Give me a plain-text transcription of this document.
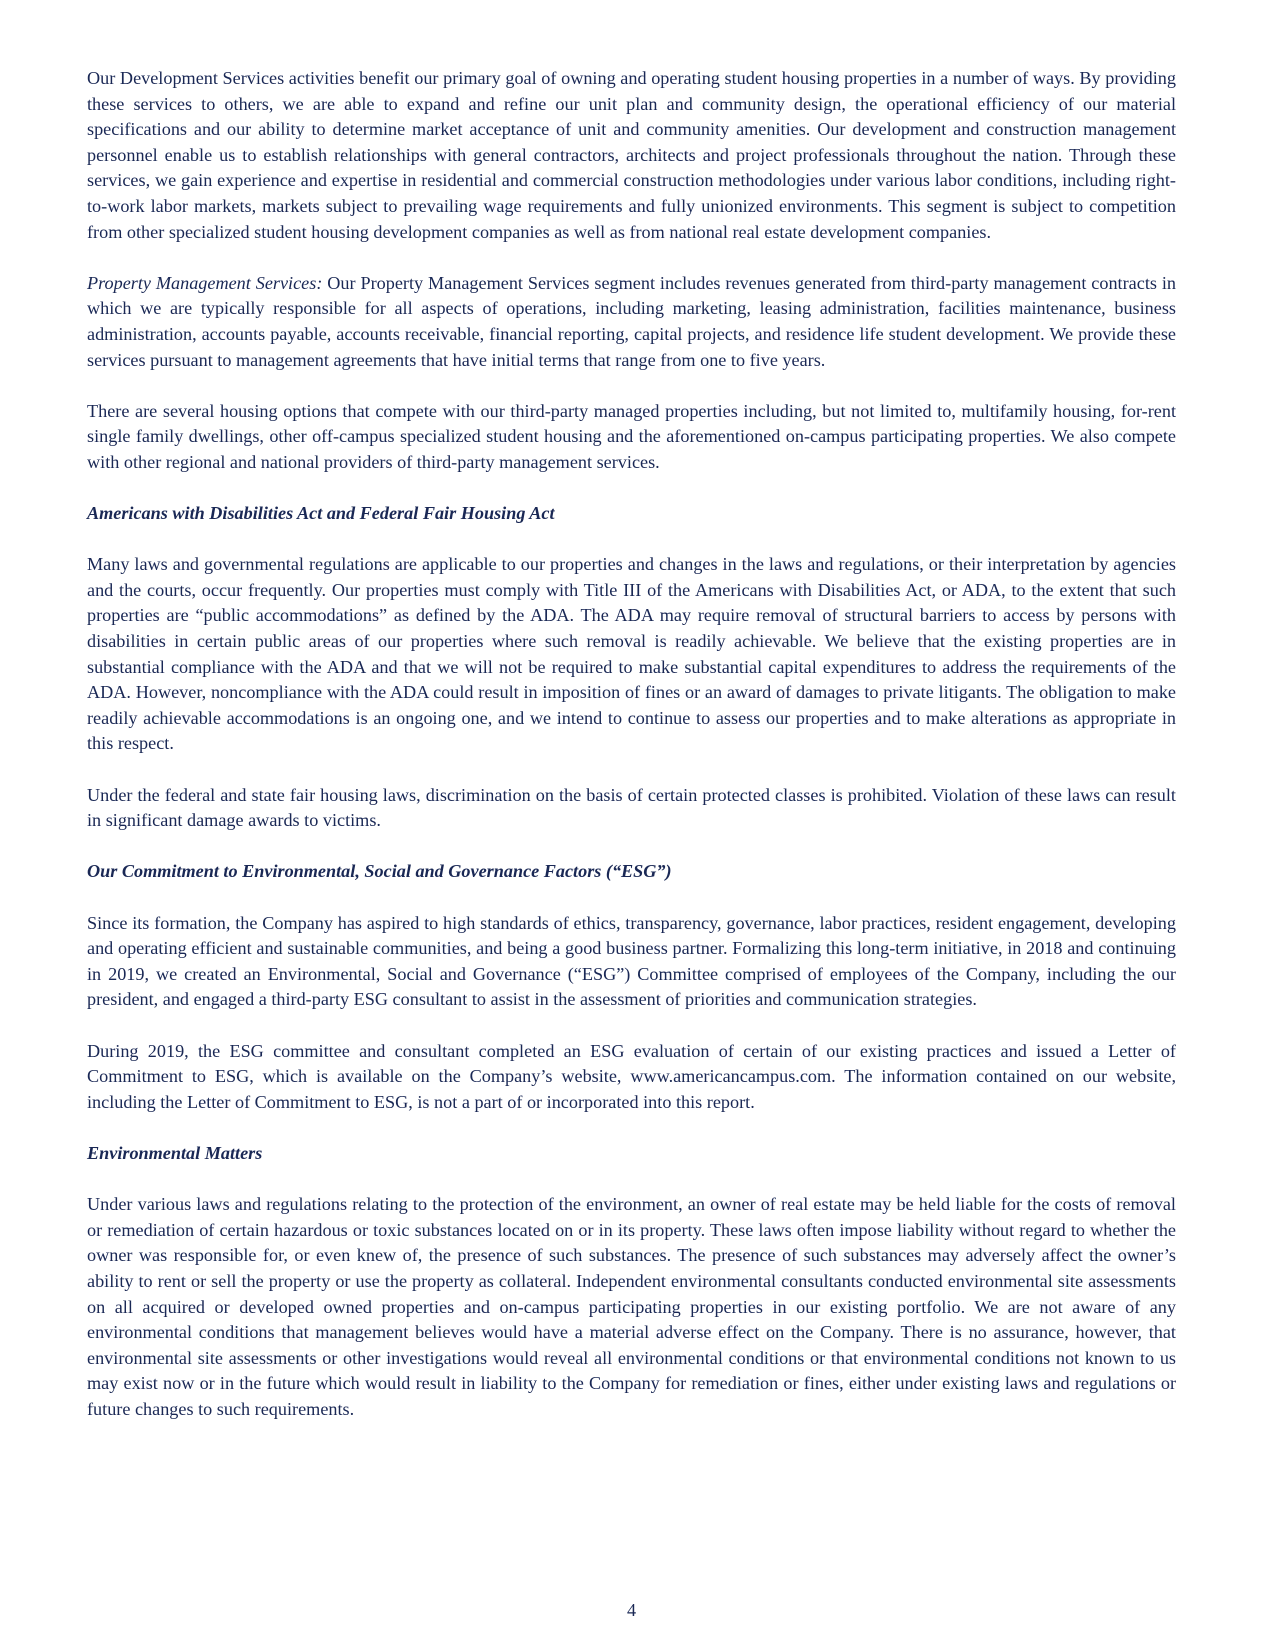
Our Development Services activities benefit our primary goal of owning and operating student housing properties in a number of ways. By providing these services to others, we are able to expand and refine our unit plan and community design, the operational efficiency of our material specifications and our ability to determine market acceptance of unit and community amenities. Our development and construction management personnel enable us to establish relationships with general contractors, architects and project professionals throughout the nation. Through these services, we gain experience and expertise in residential and commercial construction methodologies under various labor conditions, including right-to-work labor markets, markets subject to prevailing wage requirements and fully unionized environments. This segment is subject to competition from other specialized student housing development companies as well as from national real estate development companies.

Property Management Services: Our Property Management Services segment includes revenues generated from third-party management contracts in which we are typically responsible for all aspects of operations, including marketing, leasing administration, facilities maintenance, business administration, accounts payable, accounts receivable, financial reporting, capital projects, and residence life student development. We provide these services pursuant to management agreements that have initial terms that range from one to five years.

There are several housing options that compete with our third-party managed properties including, but not limited to, multifamily housing, for-rent single family dwellings, other off-campus specialized student housing and the aforementioned on-campus participating properties. We also compete with other regional and national providers of third-party management services.

Americans with Disabilities Act and Federal Fair Housing Act

Many laws and governmental regulations are applicable to our properties and changes in the laws and regulations, or their interpretation by agencies and the courts, occur frequently. Our properties must comply with Title III of the Americans with Disabilities Act, or ADA, to the extent that such properties are “public accommodations” as defined by the ADA. The ADA may require removal of structural barriers to access by persons with disabilities in certain public areas of our properties where such removal is readily achievable. We believe that the existing properties are in substantial compliance with the ADA and that we will not be required to make substantial capital expenditures to address the requirements of the ADA. However, noncompliance with the ADA could result in imposition of fines or an award of damages to private litigants. The obligation to make readily achievable accommodations is an ongoing one, and we intend to continue to assess our properties and to make alterations as appropriate in this respect.

Under the federal and state fair housing laws, discrimination on the basis of certain protected classes is prohibited. Violation of these laws can result in significant damage awards to victims.

Our Commitment to Environmental, Social and Governance Factors (“ESG”)

Since its formation, the Company has aspired to high standards of ethics, transparency, governance, labor practices, resident engagement, developing and operating efficient and sustainable communities, and being a good business partner. Formalizing this long-term initiative, in 2018 and continuing in 2019, we created an Environmental, Social and Governance (“ESG”) Committee comprised of employees of the Company, including the our president, and engaged a third-party ESG consultant to assist in the assessment of priorities and communication strategies.

During 2019, the ESG committee and consultant completed an ESG evaluation of certain of our existing practices and issued a Letter of Commitment to ESG, which is available on the Company’s website, www.americancampus.com. The information contained on our website, including the Letter of Commitment to ESG, is not a part of or incorporated into this report.

Environmental Matters

Under various laws and regulations relating to the protection of the environment, an owner of real estate may be held liable for the costs of removal or remediation of certain hazardous or toxic substances located on or in its property. These laws often impose liability without regard to whether the owner was responsible for, or even knew of, the presence of such substances. The presence of such substances may adversely affect the owner’s ability to rent or sell the property or use the property as collateral. Independent environmental consultants conducted environmental site assessments on all acquired or developed owned properties and on-campus participating properties in our existing portfolio. We are not aware of any environmental conditions that management believes would have a material adverse effect on the Company. There is no assurance, however, that environmental site assessments or other investigations would reveal all environmental conditions or that environmental conditions not known to us may exist now or in the future which would result in liability to the Company for remediation or fines, either under existing laws and regulations or future changes to such requirements.

4
